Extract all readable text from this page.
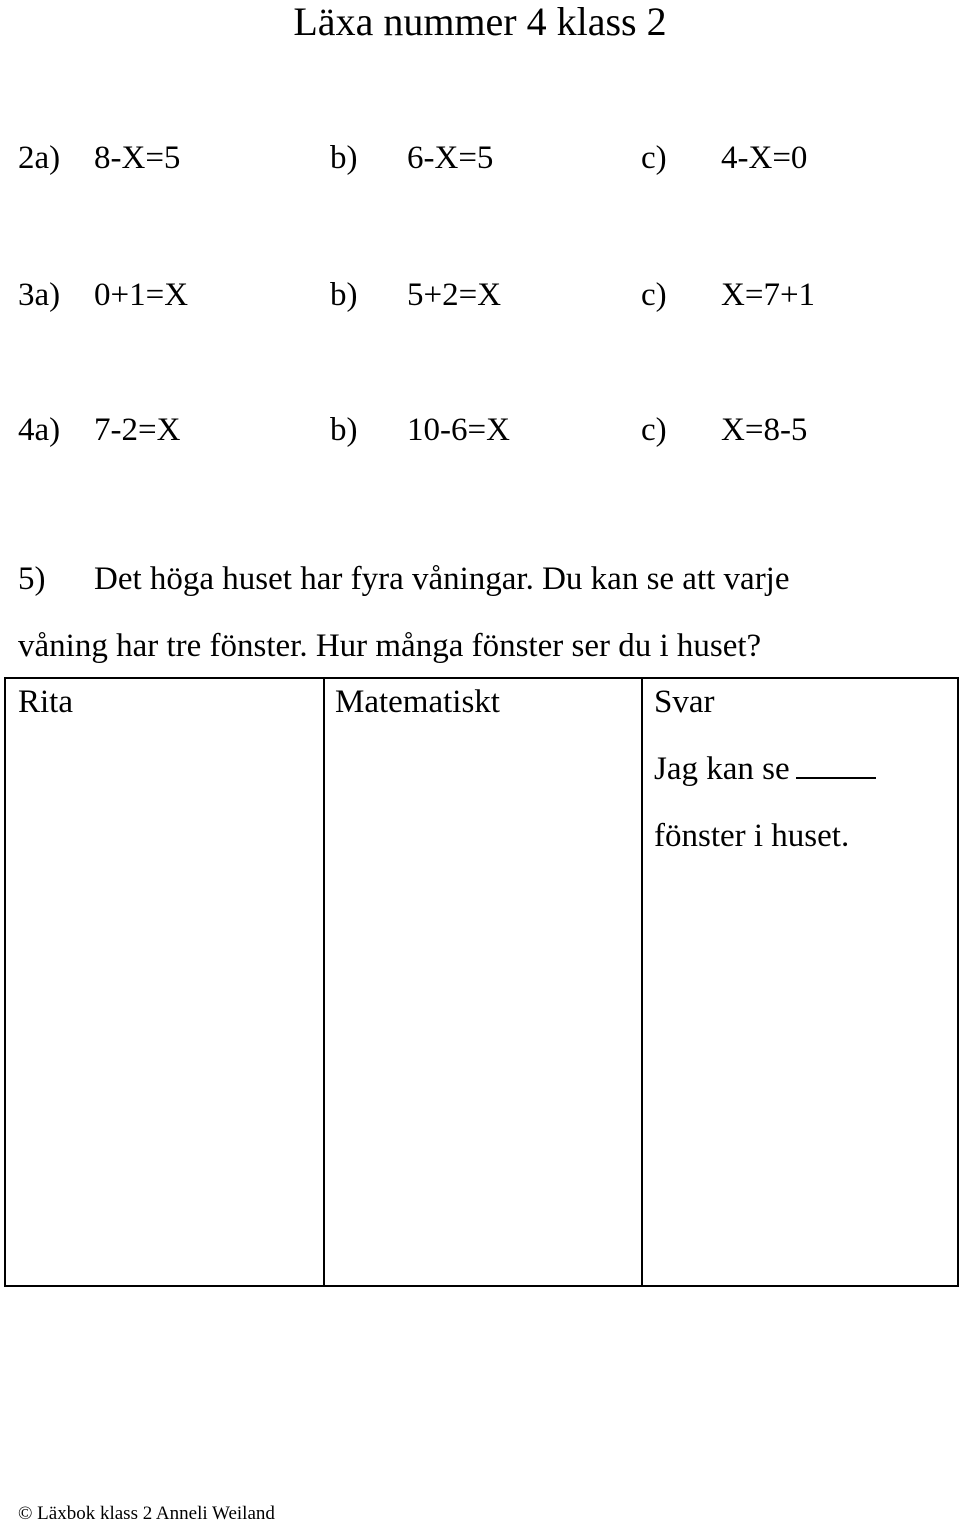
Läxa nummer 4 klass 2
2a) 8-X=5	b) 6-X=5	c) 4-X=0
3a) 0+1=X	b) 5+2=X	c) X=7+1
4a) 7-2=X	b) 10-6=X	c) X=8-5
5) Det höga huset har fyra våningar. Du kan se att varje
våning har tre fönster. Hur många fönster ser du i huset?
Rita	Matematiskt	Svar
Jag kan se
fönster i huset.
© Läxbok klass 2 Anneli Weiland
